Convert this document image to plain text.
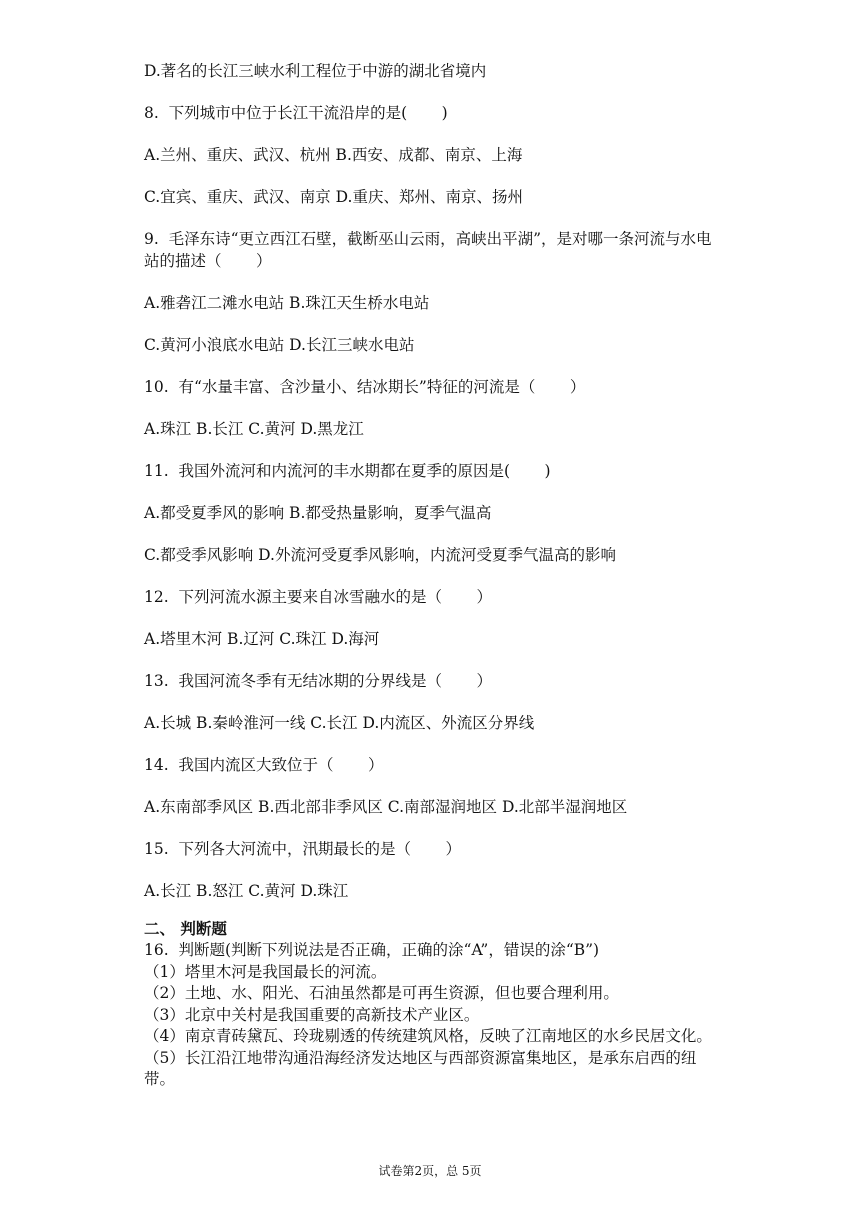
D.著名的长江三峡水利工程位于中游的湖北省境内

8.  下列城市中位于长江干流沿岸的是(       )

A.兰州、重庆、武汉、杭州 B.西安、成都、南京、上海

C.宜宾、重庆、武汉、南京 D.重庆、郑州、南京、扬州

9.  毛泽东诗“更立西江石壁，截断巫山云雨，高峡出平湖”，是对哪一条河流与水电站的描述（       ）

A.雅砻江二滩水电站 B.珠江天生桥水电站

C.黄河小浪底水电站 D.长江三峡水电站

10.  有“水量丰富、含沙量小、结冰期长”特征的河流是（       ）

A.珠江 B.长江 C.黄河 D.黑龙江

11.  我国外流河和内流河的丰水期都在夏季的原因是(       )

A.都受夏季风的影响 B.都受热量影响，夏季气温高

C.都受季风影响 D.外流河受夏季风影响，内流河受夏季气温高的影响

12.  下列河流水源主要来自冰雪融水的是（       ）

A.塔里木河 B.辽河 C.珠江 D.海河

13.  我国河流冬季有无结冰期的分界线是（       ）

A.长城 B.秦岭淮河一线 C.长江 D.内流区、外流区分界线

14.  我国内流区大致位于（       ）

A.东南部季风区 B.西北部非季风区 C.南部湿润地区 D.北部半湿润地区

15.  下列各大河流中，汛期最长的是（       ）

A.长江 B.怒江 C.黄河 D.珠江

二、 判断题

16.  判断题(判断下列说法是否正确，正确的涂“A”，错误的涂“B”)

（1）塔里木河是我国最长的河流。

（2）土地、水、阳光、石油虽然都是可再生资源，但也要合理利用。

（3）北京中关村是我国重要的高新技术产业区。

（4）南京青砖黛瓦、玲珑剔透的传统建筑风格，反映了江南地区的水乡民居文化。

（5）长江沿江地带沟通沿海经济发达地区与西部资源富集地区，是承东启西的纽带。

试卷第2页，总 5页
